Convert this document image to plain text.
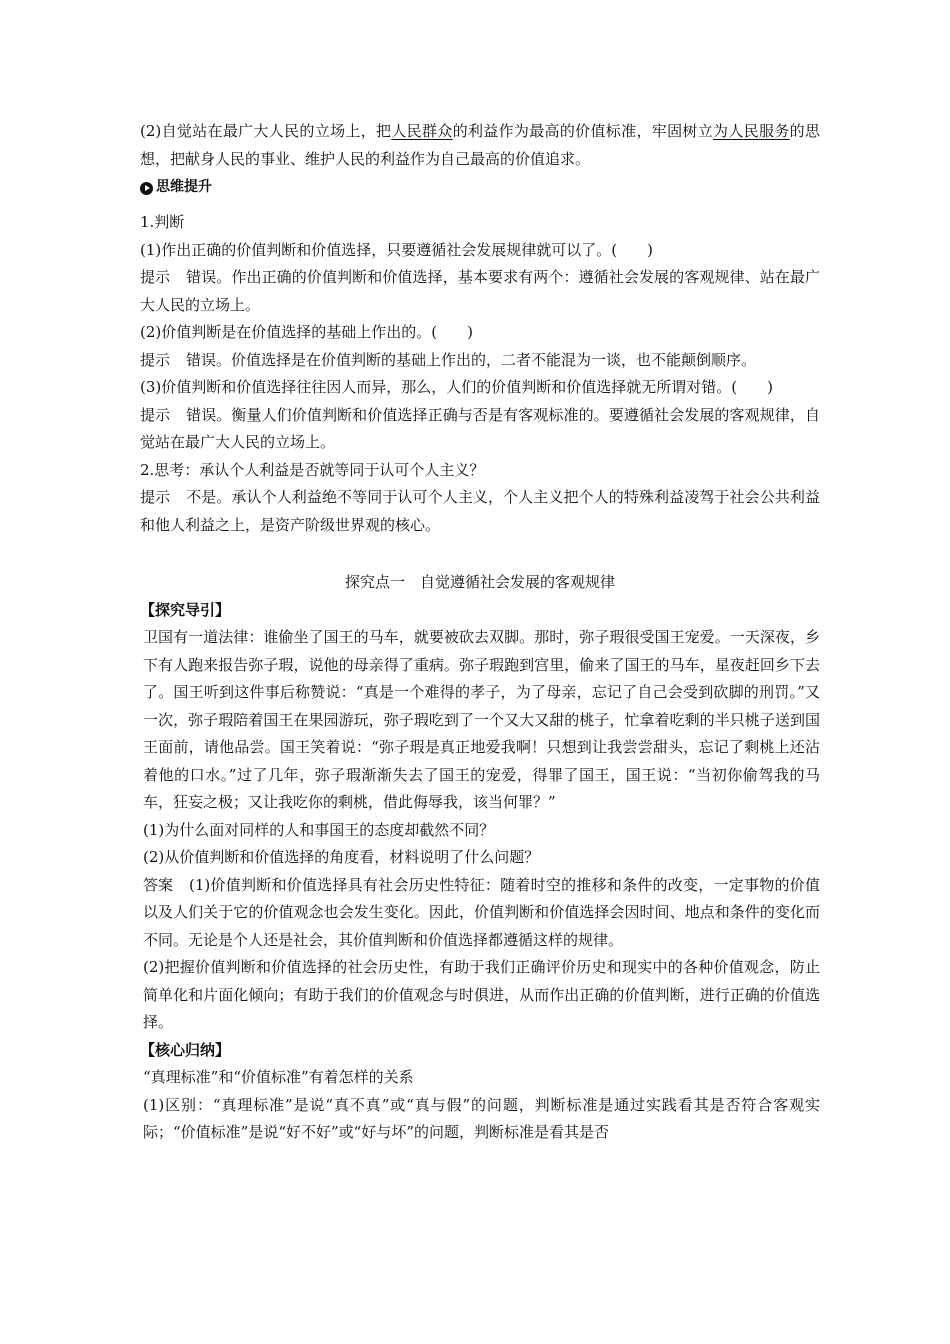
(2)自觉站在最广大人民的立场上，把人民群众的利益作为最高的价值标准，牢固树立为人民服务的思想，把献身人民的事业、维护人民的利益作为自己最高的价值追求。

思维提升

1.判断

(1)作出正确的价值判断和价值选择，只要遵循社会发展规律就可以了。(　　)

提示 错误。作出正确的价值判断和价值选择，基本要求有两个：遵循社会发展的客观规律、站在最广大人民的立场上。

(2)价值判断是在价值选择的基础上作出的。(　　)

提示 错误。价值选择是在价值判断的基础上作出的，二者不能混为一谈，也不能颠倒顺序。

(3)价值判断和价值选择往往因人而异，那么，人们的价值判断和价值选择就无所谓对错。(　　)

提示 错误。衡量人们价值判断和价值选择正确与否是有客观标准的。要遵循社会发展的客观规律，自觉站在最广大人民的立场上。

2.思考：承认个人利益是否就等同于认可个人主义？

提示 不是。承认个人利益绝不等同于认可个人主义，个人主义把个人的特殊利益凌驾于社会公共利益和他人利益之上，是资产阶级世界观的核心。

探究点一　自觉遵循社会发展的客观规律

【探究导引】

卫国有一道法律：谁偷坐了国王的马车，就要被砍去双脚。那时，弥子瑕很受国王宠爱。一天深夜，乡下有人跑来报告弥子瑕，说他的母亲得了重病。弥子瑕跑到宫里，偷来了国王的马车，星夜赶回乡下去了。国王听到这件事后称赞说：“真是一个难得的孝子，为了母亲，忘记了自己会受到砍脚的刑罚。”又一次，弥子瑕陪着国王在果园游玩，弥子瑕吃到了一个又大又甜的桃子，忙拿着吃剩的半只桃子送到国王面前，请他品尝。国王笑着说：“弥子瑕是真正地爱我啊！只想到让我尝尝甜头，忘记了剩桃上还沾着他的口水。”过了几年，弥子瑕渐渐失去了国王的宠爱，得罪了国王，国王说：“当初你偷驾我的马车，狂妄之极；又让我吃你的剩桃，借此侮辱我，该当何罪？”

(1)为什么面对同样的人和事国王的态度却截然不同？

(2)从价值判断和价值选择的角度看，材料说明了什么问题？

答案 (1)价值判断和价值选择具有社会历史性特征：随着时空的推移和条件的改变，一定事物的价值以及人们关于它的价值观念也会发生变化。因此，价值判断和价值选择会因时间、地点和条件的变化而不同。无论是个人还是社会，其价值判断和价值选择都遵循这样的规律。

(2)把握价值判断和价值选择的社会历史性，有助于我们正确评价历史和现实中的各种价值观念，防止简单化和片面化倾向；有助于我们的价值观念与时俱进，从而作出正确的价值判断，进行正确的价值选择。

【核心归纳】

“真理标准”和“价值标准”有着怎样的关系

(1)区别：“真理标准”是说“真不真”或“真与假”的问题，判断标准是通过实践看其是否符合客观实际；“价值标准”是说“好不好”或“好与坏”的问题，判断标准是看其是否
